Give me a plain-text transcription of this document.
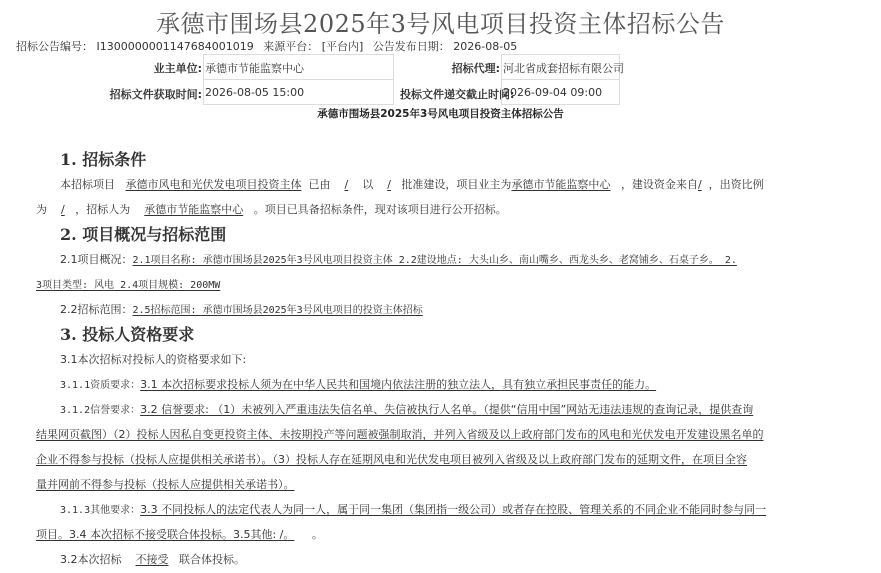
承德市围场县2025年3号风电项目投资主体招标公告
招标公告编号： I13000000011476840010​19 来源平台： [平台内] 公告发布日期： 2026-08-05
业主单位: 承德市节能监察中心	招标代理: 河北省成套招标有限公司
招标文件获取时间: 2026-08-05 15:00	投标文件递交截止时间:
2026-09-04 09:00
承德市围场县2025年3号风电项目投资主体招标公告
1. 招标条件
本招标项目 承德市风电和光伏发电项目投资主体 已由 / 以 / 批准建设，项目业主为承德市节能监察中心 ，建设资金来自/ ，出资比例
为 / ，招标人为 承德市节能监察中心 。项目已具备招标条件，现对该项目进行公开招标。
2. 项目概况与招标范围
2.1项目概况：2.1项目名称: 承德市围场县2025年3号风电项目投资主体 2.2建设地点: 大头山乡、南山嘴乡、西龙头乡、老窝铺乡、石桌子乡。 2.
3项目类型: 风电 2.4项目规模: 200MW
2.2招标范围：2.5招标范围: 承德市围场县2025年3号风电项目的投资主体招标
3. 投标人资格要求
3.1本次招标对投标人的资格要求如下:
3.1.1资质要求：3.1 本次招标要求投标人须为在中华人民共和国境内依法注册的独立法人，具有独立承担民事责任的能力。
3.1.2信誉要求：3.2 信誉要求: （1）未被列入严重违法失信名单、失信被执行人名单。（提供“信用中国”网站无违法违规的查询记录，提供查询
结果网页截图）（2）投标人因私自变更投资主体、未按期投产等问题被强制取消，并列入省级及以上政府部门发布的风电和光伏发电开发建设黑名单的
企业不得参与投标（投标人应提供相关承诺书）。（3）投标人存在延期风电和光伏发电项目被列入省级及以上政府部门发布的延期文件，在项目全容
量并网前不得参与投标（投标人应提供相关承诺书）。
3.1.3其他要求：3.3 不同投标人的法定代表人为同一人，属于同一集团（集团指一级公司）或者存在控股、管理关系的不同企业不能同时参与同一
项目。3.4 本次招标不接受联合体投标。3.5其他: /。 。
3.2本次招标 不接受 联合体投标。
